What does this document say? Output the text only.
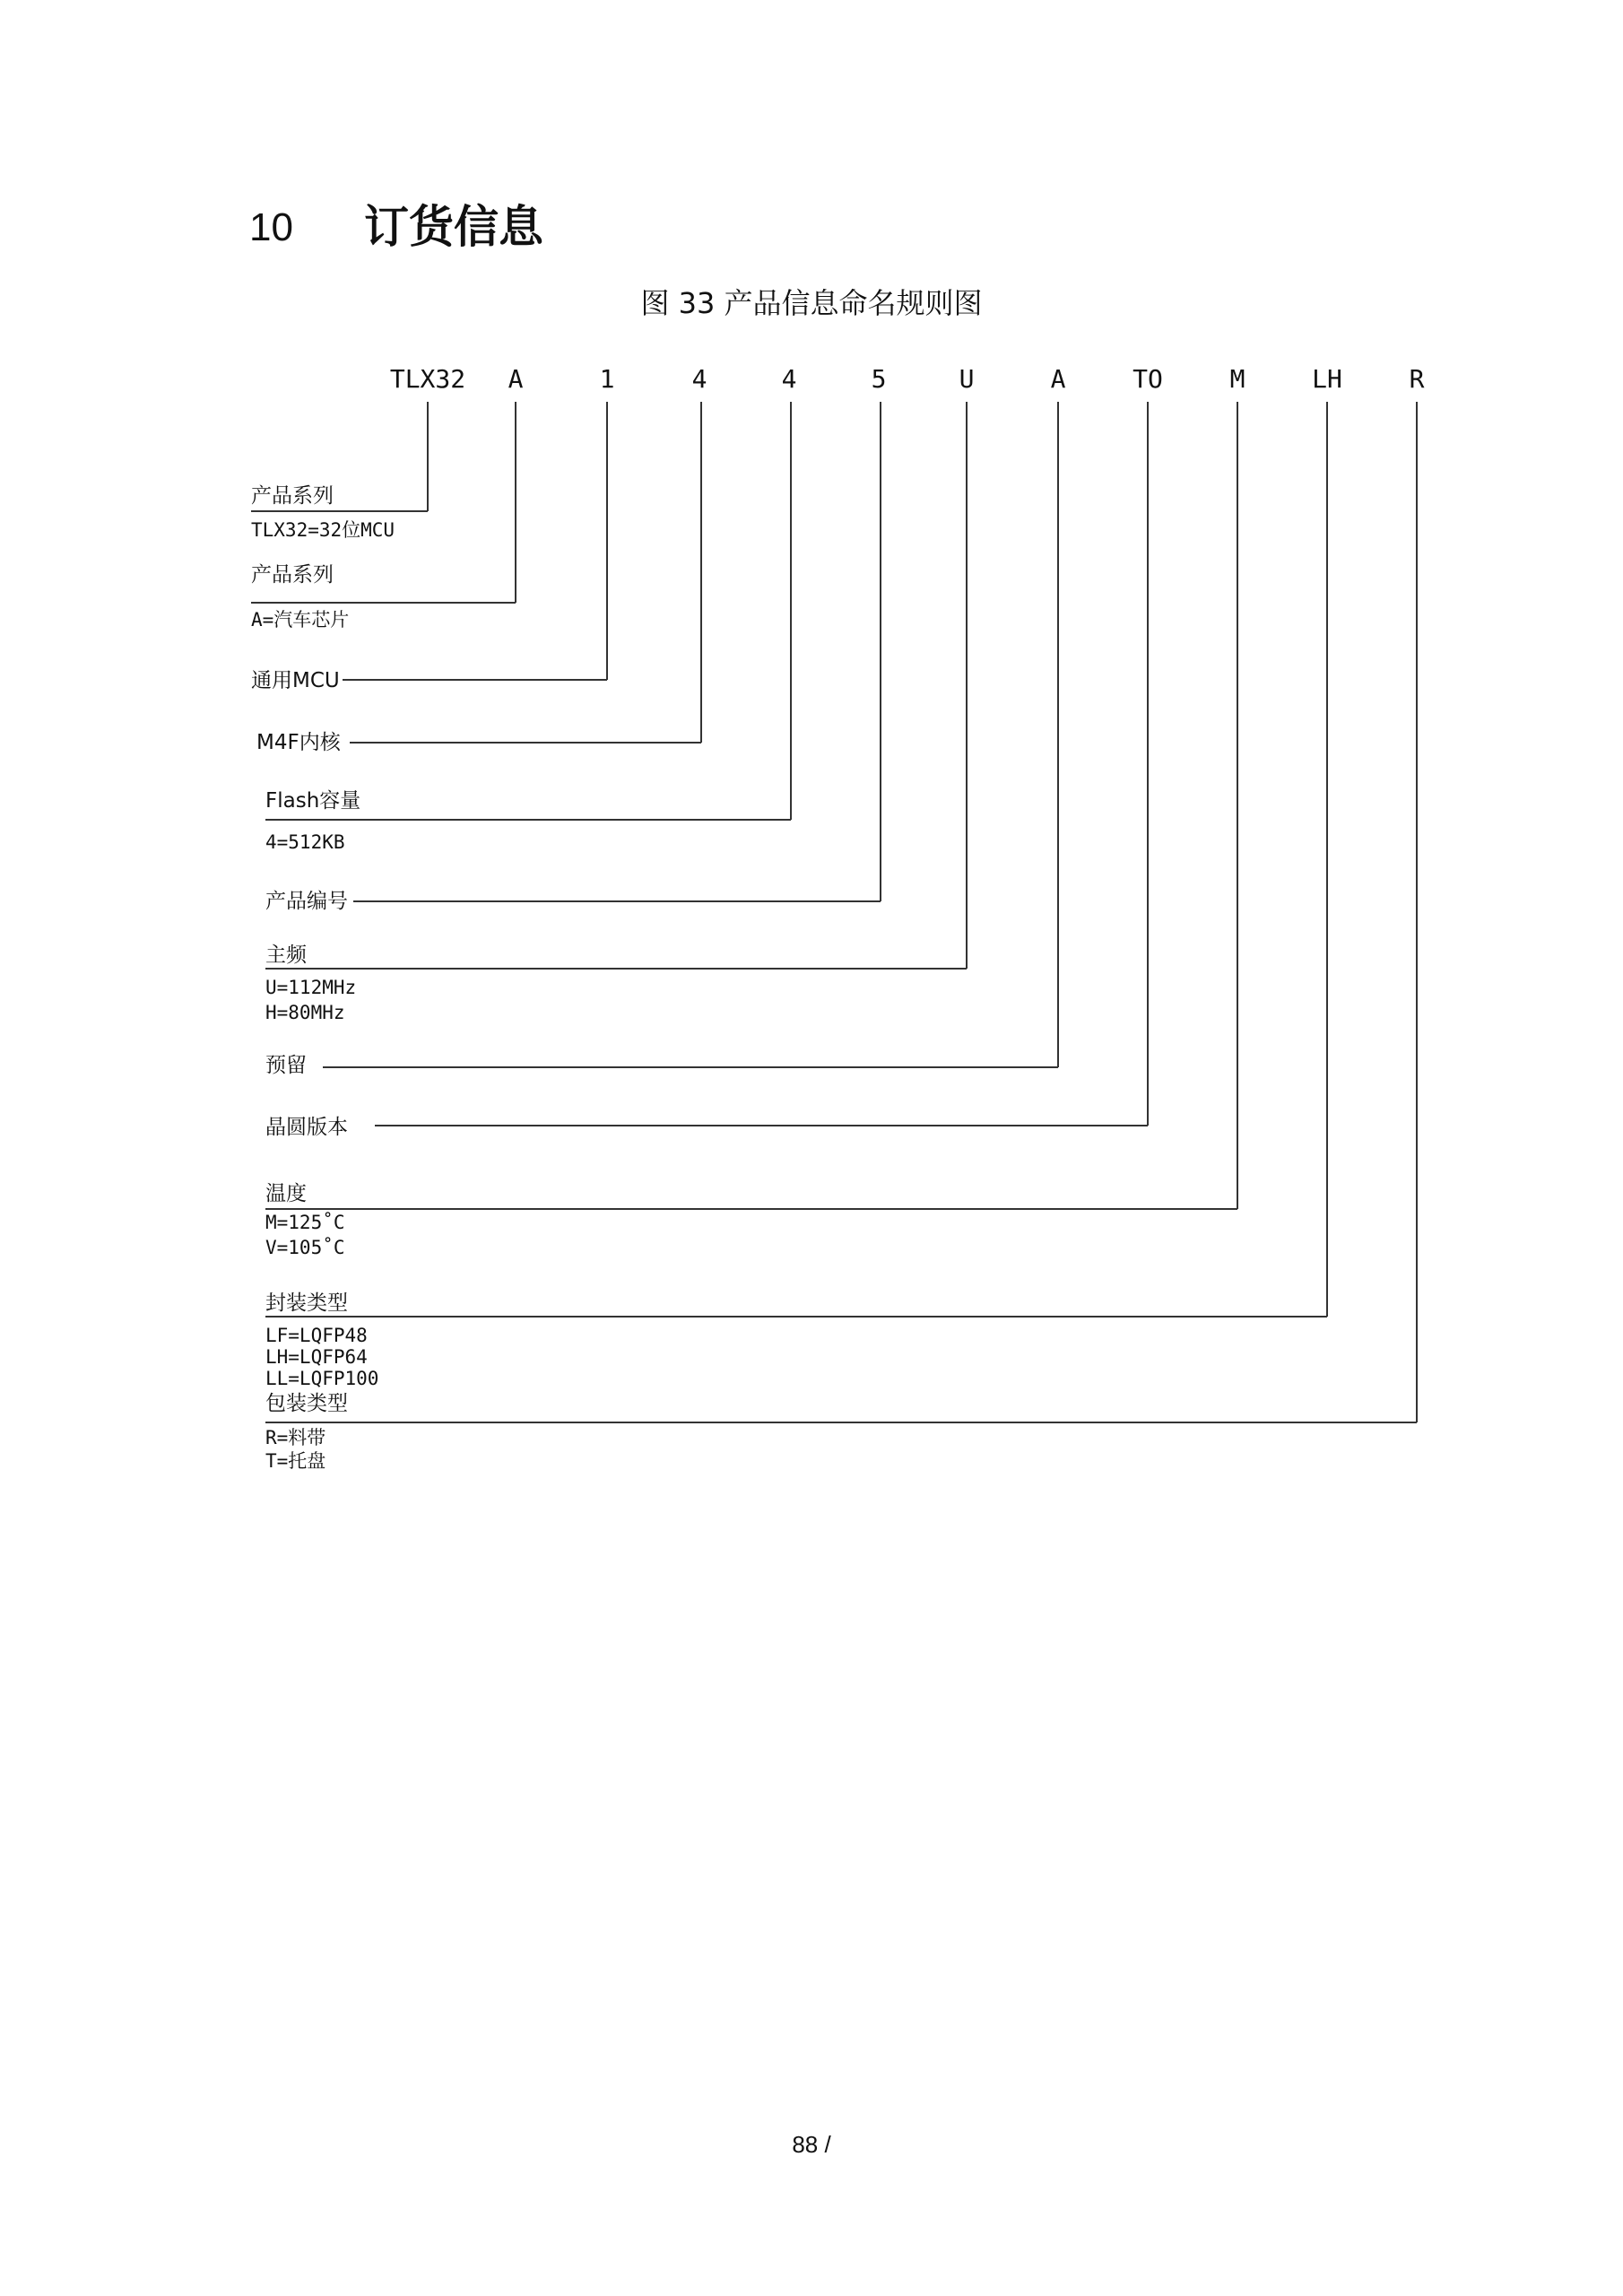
10 订货信息
图 33 产品信息命名规则图
TLX32 A	1	4	4	5	U	A	TO	M	LH	R
产品系列
TLX32=32位MCU
产品系列
A=汽车芯片
通用MCU
M4F内核
Flash容量
4=512KB
产品编号
主频
U=112MHz
H=80MHz
预留
晶圆版本
温度
M=125˚C
V=105˚C
封装类型
LF=LQFP48
LH=LQFP64
LL=LQFP100
包装类型
R=料带
T=托盘
88 /
